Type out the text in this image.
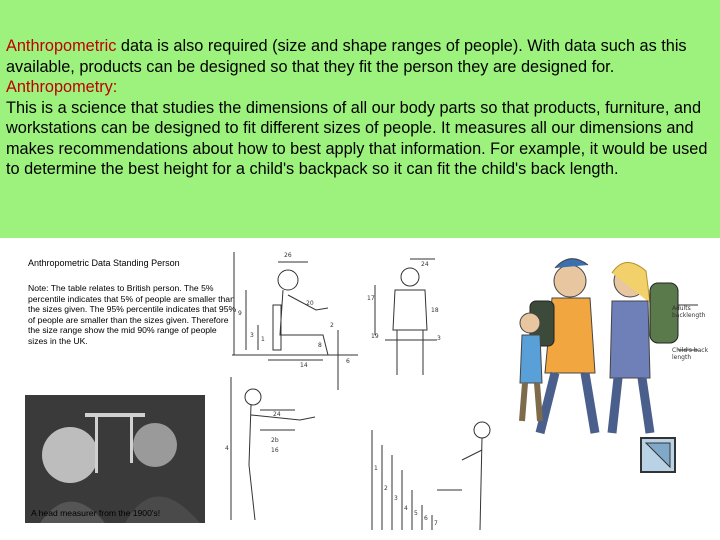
Anthropometric data is also required (size and shape ranges of people). With data such as this available, products can be designed so that they fit the person they are designed for.

Anthropometry:

This is a science that studies the dimensions of all our body parts so that products, furniture, and workstations can be designed to fit different sizes of people. It measures all our dimensions and makes recommendations about how to best apply that information. For example, it would be used to determine the best height for a child's backpack so it can fit the child's back length.

Anthropometric Data Standing Person
Note: The table relates to British person. The 5% percentile indicates that 5% of people are smaller than the sizes given. The 95% percentile indicates that 95% of people are smaller than the sizes given. Therefore the size range show the mid 90% range of people sizes in the UK.
26
20
9
3
1
2
14
6
8
24
17
19	3
18	Adults backlength
Child's back length
24
2b
16
4
1
2
3
4
5
6
7
A head measurer from the 1900's!
